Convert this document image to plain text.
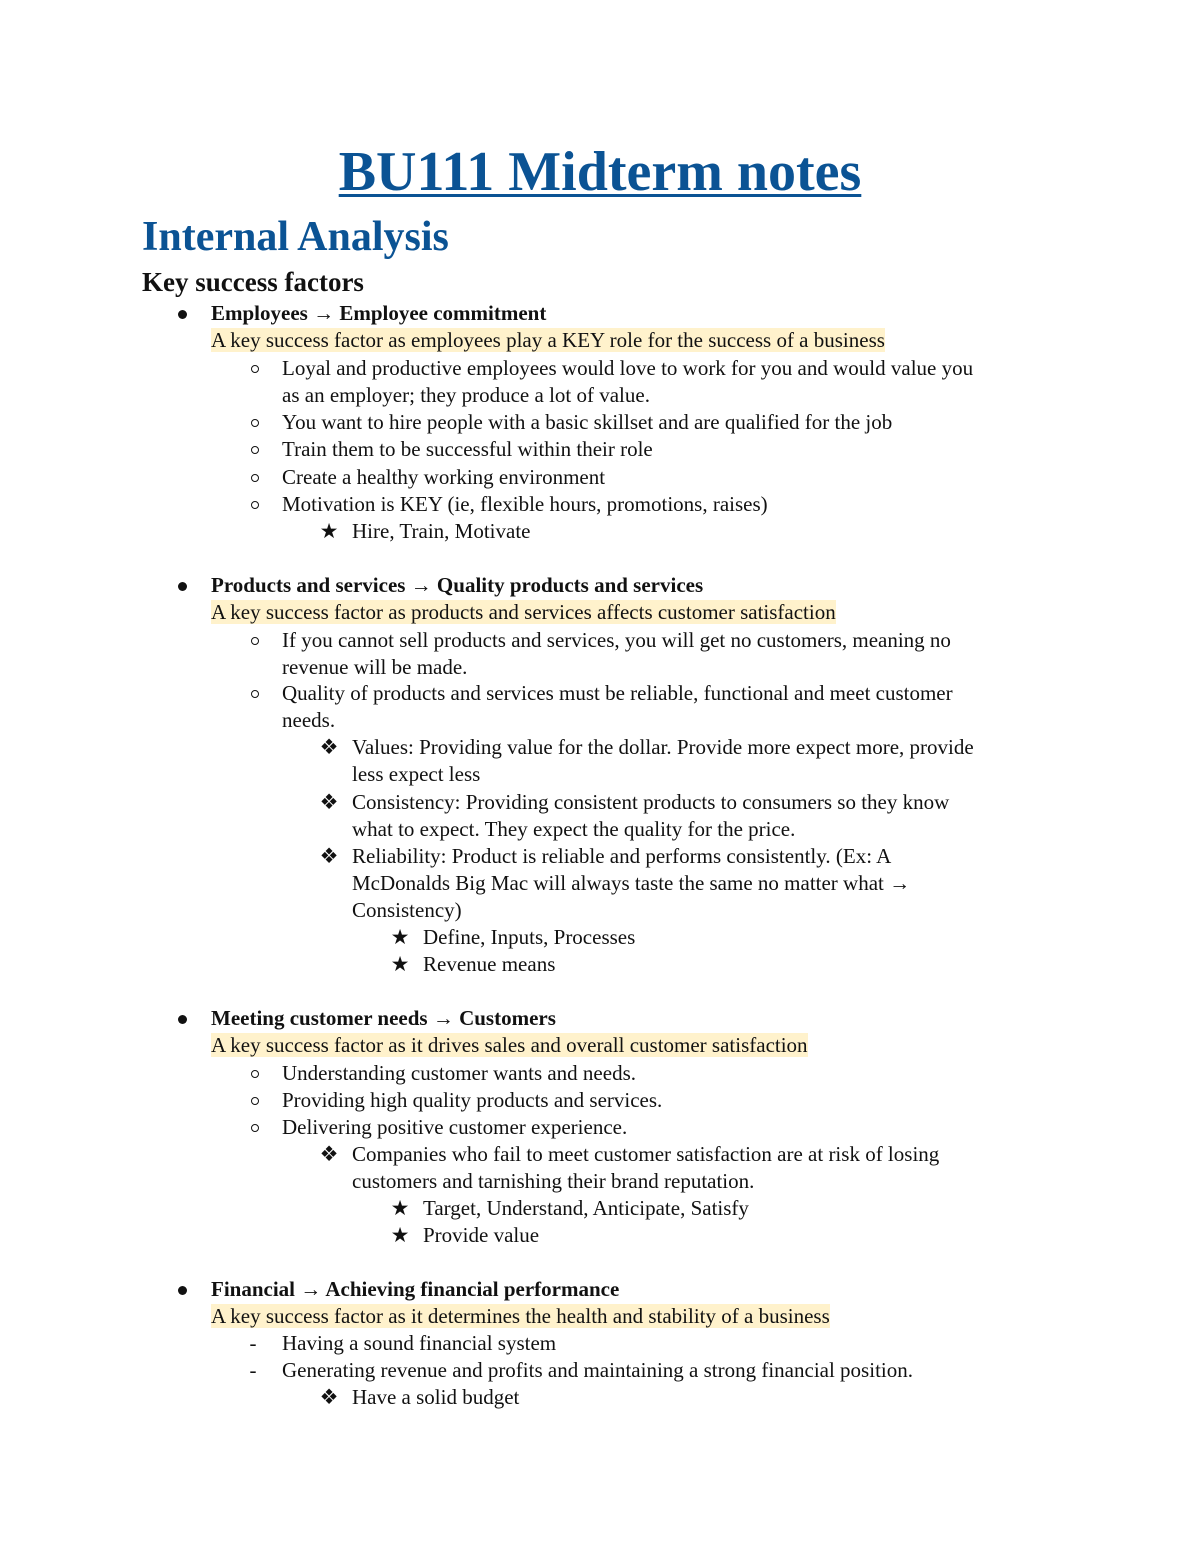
BU111 Midterm notes
Internal Analysis
Key success factors
Employees → Employee commitment
A key success factor as employees play a KEY role for the success of a business
Loyal and productive employees would love to work for you and would value you
as an employer; they produce a lot of value.
You want to hire people with a basic skillset and are qualified for the job
Train them to be successful within their role
Create a healthy working environment
Motivation is KEY (ie, flexible hours, promotions, raises)
★ Hire, Train, Motivate
Products and services → Quality products and services
A key success factor as products and services affects customer satisfaction
If you cannot sell products and services, you will get no customers, meaning no
revenue will be made.
Quality of products and services must be reliable, functional and meet customer
needs.
❖ Values: Providing value for the dollar. Provide more expect more, provide
less expect less
❖ Consistency: Providing consistent products to consumers so they know
what to expect. They expect the quality for the price.
❖ Reliability: Product is reliable and performs consistently. (Ex: A
McDonalds Big Mac will always taste the same no matter what →
Consistency)
★ Define, Inputs, Processes
★ Revenue means
Meeting customer needs → Customers
A key success factor as it drives sales and overall customer satisfaction
Understanding customer wants and needs.
Providing high quality products and services.
Delivering positive customer experience.
❖ Companies who fail to meet customer satisfaction are at risk of losing
customers and tarnishing their brand reputation.
★ Target, Understand, Anticipate, Satisfy
★ Provide value
Financial → Achieving financial performance
A key success factor as it determines the health and stability of a business
-	Having a sound financial system
-	Generating revenue and profits and maintaining a strong financial position.
❖ Have a solid budget
